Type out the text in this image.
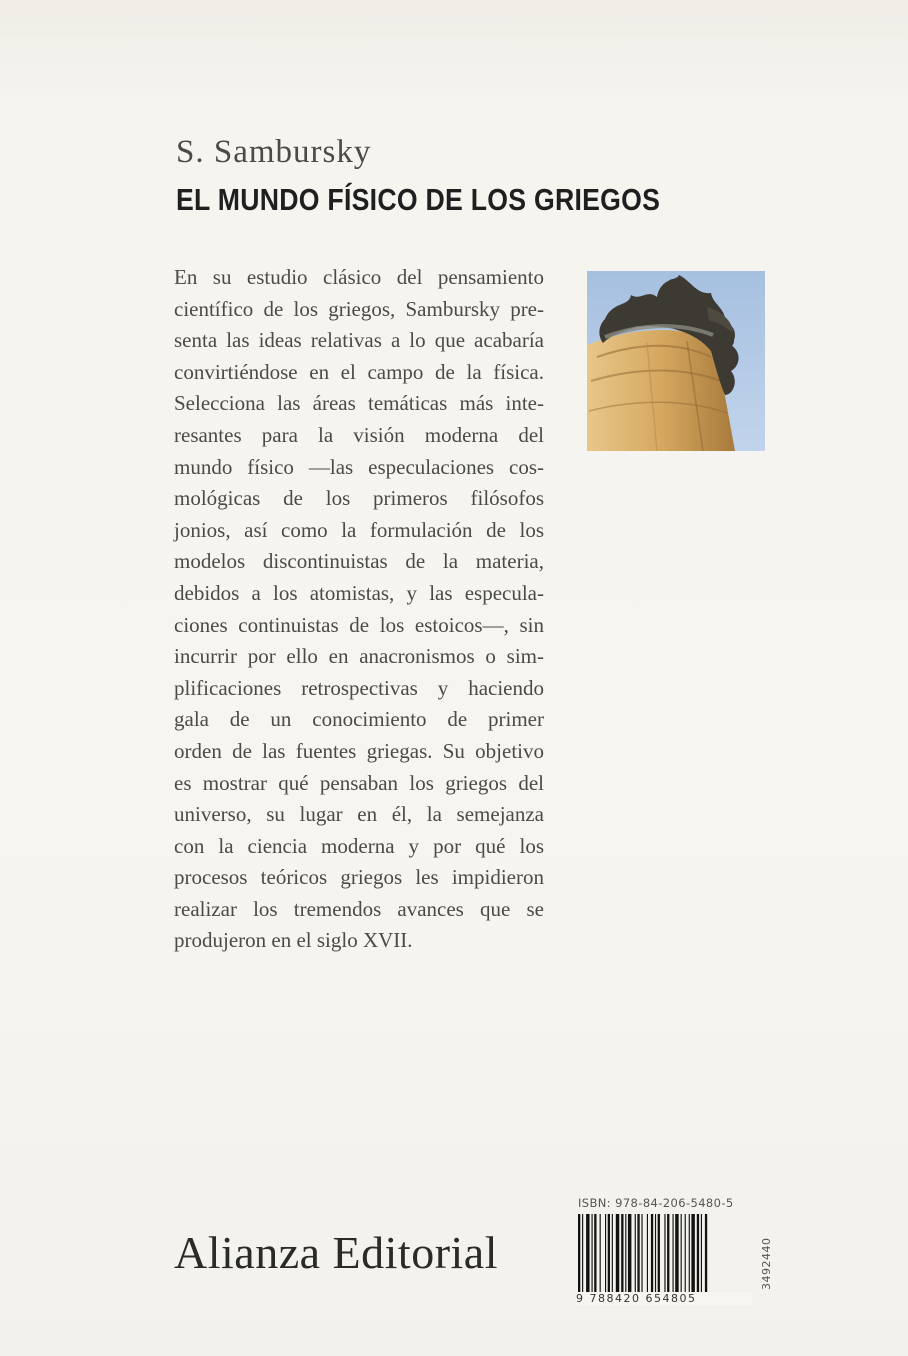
S. Sambursky

EL MUNDO FÍSICO DE LOS GRIEGOS
En su estudio clásico del pensamiento
científico de los griegos, Sambursky pre-
senta las ideas relativas a lo que acabaría
convirtiéndose en el campo de la física.
Selecciona las áreas temáticas más inte-
resantes para la visión moderna del
mundo físico —las especulaciones cos-
mológicas de los primeros filósofos
jonios, así como la formulación de los
modelos discontinuistas de la materia,
debidos a los atomistas, y las especula-
ciones continuistas de los estoicos—, sin
incurrir por ello en anacronismos o sim-
plificaciones retrospectivas y haciendo
gala de un conocimiento de primer
orden de las fuentes griegas. Su objetivo
es mostrar qué pensaban los griegos del
universo, su lugar en él, la semejanza
con la ciencia moderna y por qué los
procesos teóricos griegos les impidieron
realizar los tremendos avances que se
produjeron en el siglo XVII.
ISBN: 978-84-206-5480-5
9 788420 654805
3492440

Alianza Editorial
